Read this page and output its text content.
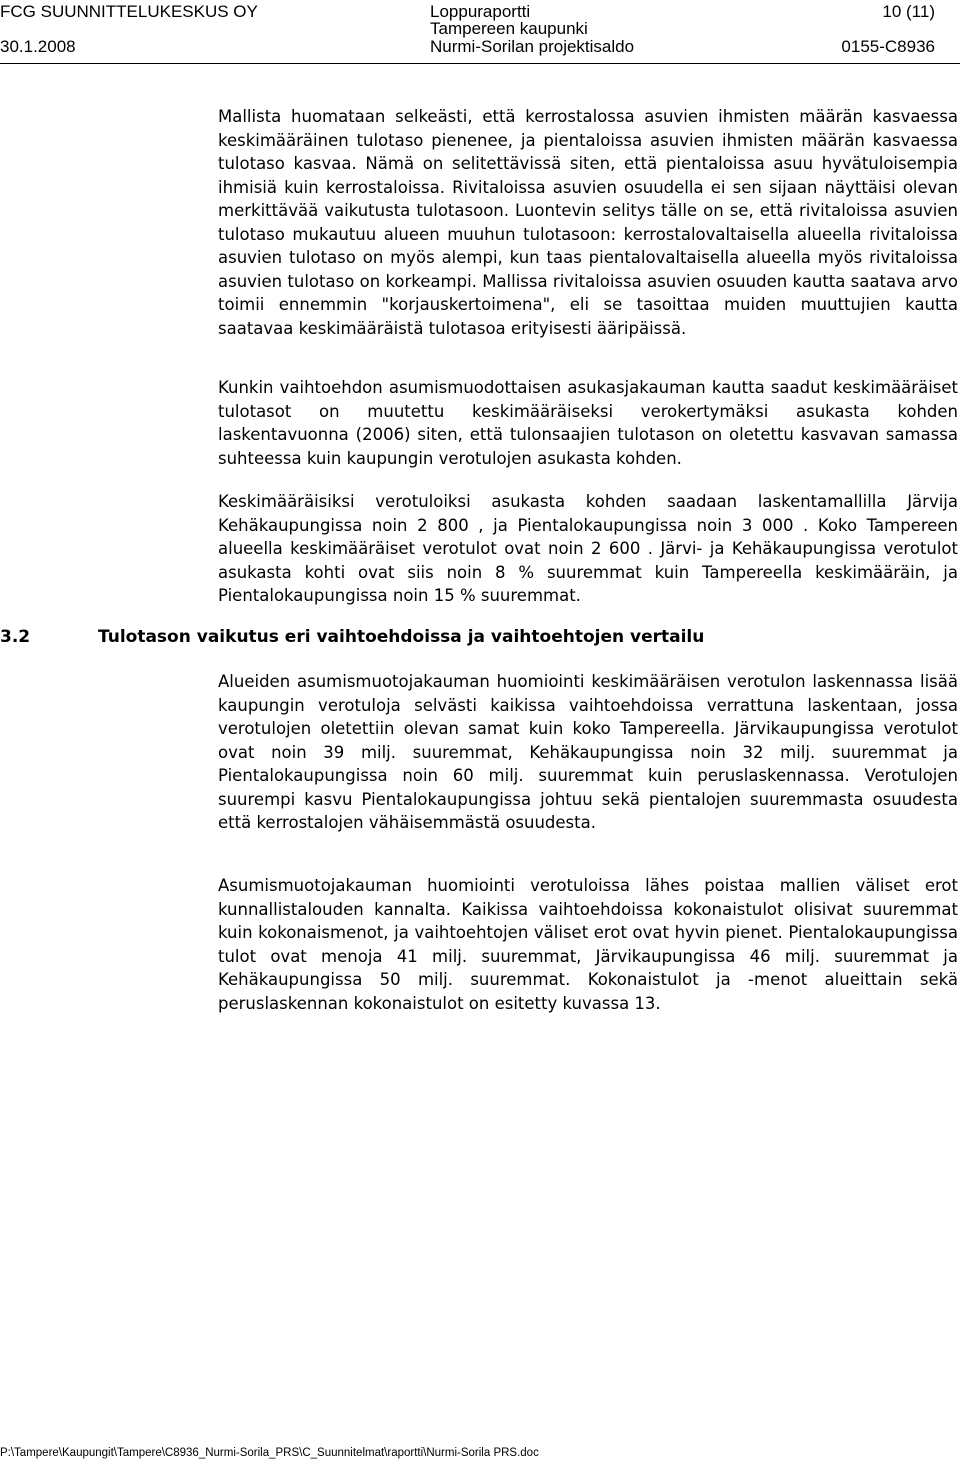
FCG SUUNNITTELUKESKUS OY
30.1.2008
Loppuraportti
Tampereen kaupunki
Nurmi-Sorilan projektisaldo
10 (11)
0155-C8936

Mallista huomataan selkeästi, että kerrostalossa asuvien ihmisten määrän kasvaessa keskimääräinen tulotaso pienenee, ja pientaloissa asuvien ihmisten määrän kasvaessa tulotaso kasvaa. Nämä on selitettävissä siten, että pientaloissa asuu hyvätuloisempia ihmisiä kuin kerrostaloissa. Rivitaloissa asuvien osuudella ei sen sijaan näyttäisi olevan merkittävää vaikutusta tulotasoon. Luontevin selitys tälle on se, että rivitaloissa asuvien tulotaso mukautuu alueen muuhun tulotasoon: kerrostalovaltaisella alueella rivitaloissa asuvien tulotaso on myös alempi, kun taas pientalovaltaisella alueella myös rivitaloissa asuvien tulotaso on korkeampi. Mallissa rivitaloissa asuvien osuuden kautta saatava arvo toimii ennemmin "korjauskertoimena", eli se tasoittaa muiden muuttujien kautta saatavaa keskimääräistä tulotasoa erityisesti ääripäissä.

Kunkin vaihtoehdon asumismuodottaisen asukasjakauman kautta saadut keskimääräiset tulotasot on muutettu keskimääräiseksi verokertymäksi asukasta kohden laskentavuonna (2006) siten, että tulonsaajien tulotason on oletettu kasvavan samassa suhteessa kuin kaupungin verotulojen asukasta kohden.

Keskimääräisiksi verotuloiksi asukasta kohden saadaan laskentamallilla Järvija Kehäkaupungissa noin 2 800 , ja Pientalokaupungissa noin 3 000 . Koko Tampereen alueella keskimääräiset verotulot ovat noin 2 600 . Järvi- ja Kehäkaupungissa verotulot asukasta kohti ovat siis noin 8 % suuremmat kuin Tampereella keskimääräin, ja Pientalokaupungissa noin 15 % suuremmat.

3.2	Tulotason vaikutus eri vaihtoehdoissa ja vaihtoehtojen vertailu

Alueiden asumismuotojakauman huomiointi keskimääräisen verotulon laskennassa lisää kaupungin verotuloja selvästi kaikissa vaihtoehdoissa verrattuna laskentaan, jossa verotulojen oletettiin olevan samat kuin koko Tampereella. Järvikaupungissa verotulot ovat noin 39 milj. suuremmat, Kehäkaupungissa noin 32 milj. suuremmat ja Pientalokaupungissa noin 60 milj. suuremmat kuin peruslaskennassa. Verotulojen suurempi kasvu Pientalokaupungissa johtuu sekä pientalojen suuremmasta osuudesta että kerrostalojen vähäisemmästä osuudesta.

Asumismuotojakauman huomiointi verotuloissa lähes poistaa mallien väliset erot kunnallistalouden kannalta. Kaikissa vaihtoehdoissa kokonaistulot olisivat suuremmat kuin kokonaismenot, ja vaihtoehtojen väliset erot ovat hyvin pienet. Pientalokaupungissa tulot ovat menoja 41 milj. suuremmat, Järvikaupungissa 46 milj. suuremmat ja Kehäkaupungissa 50 milj. suuremmat. Kokonaistulot ja -menot alueittain sekä peruslaskennan kokonaistulot on esitetty kuvassa 13.

P:\Tampere\Kaupungit\Tampere\C8936_Nurmi-Sorila_PRS\C_Suunnitelmat\raportti\Nurmi-Sorila PRS.doc
